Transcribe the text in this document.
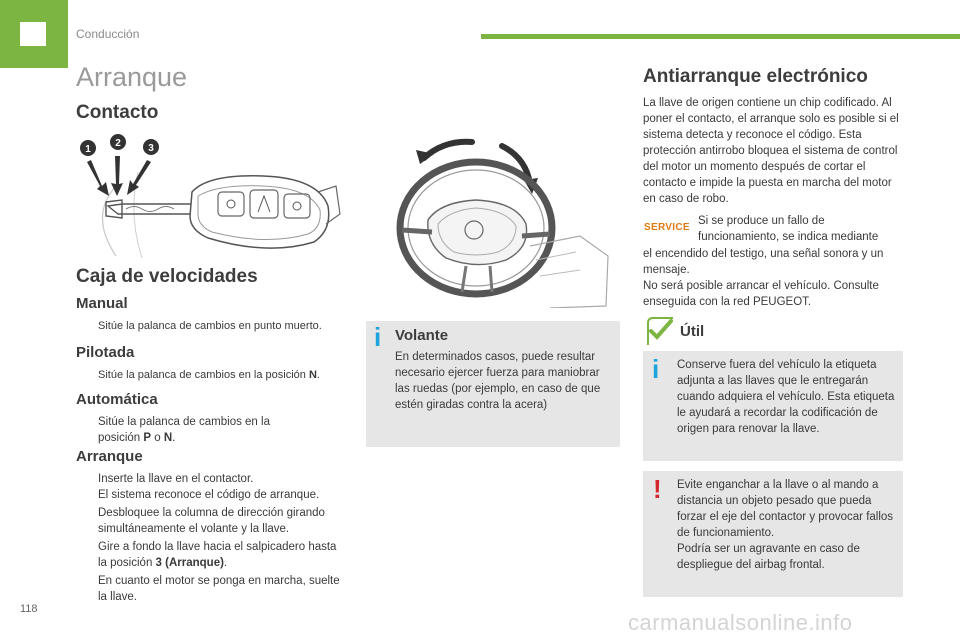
Conducción
Arranque
Contacto
1
2	3
Caja de velocidades
Manual
Sitúe la palanca de cambios en punto muerto.
Pilotada
Sitúe la palanca de cambios en la posición N.
Automática
Sitúe la palanca de cambios en la posición P o N.
Arranque
Inserte la llave en el contactor.
El sistema reconoce el código de arranque.
Desbloquee la columna de dirección girando simultáneamente el volante y la llave.
Gire a fondo la llave hacia el salpicadero hasta la posición 3 (Arranque).
En cuanto el motor se ponga en marcha, suelte la llave.
i Volante
En determinados casos, puede resultar necesario ejercer fuerza para maniobrar las ruedas (por ejemplo, en caso de que estén giradas contra la acera)
Antiarranque electrónico
La llave de origen contiene un chip codificado. Al poner el contacto, el arranque solo es posible si el sistema detecta y reconoce el código. Esta protección antirrobo bloquea el sistema de control del motor un momento después de cortar el contacto e impide la puesta en marcha del motor en caso de robo.
SERVICE
Si se produce un fallo de funcionamiento, se indica mediante
el encendido del testigo, una señal sonora y un mensaje.
No será posible arrancar el vehículo. Consulte enseguida con la red PEUGEOT.
Útil
i	Conserve fuera del vehículo la etiqueta adjunta a las llaves que le entregarán cuando adquiera el vehículo. Esta etiqueta le ayudará a recordar la codificación de origen para renovar la llave.
! Evite enganchar a la llave o al mando a distancia un objeto pesado que pueda forzar el eje del contactor y provocar fallos de funcionamiento.
Podría ser un agravante en caso de despliegue del airbag frontal.
118
carmanualsonline.info
